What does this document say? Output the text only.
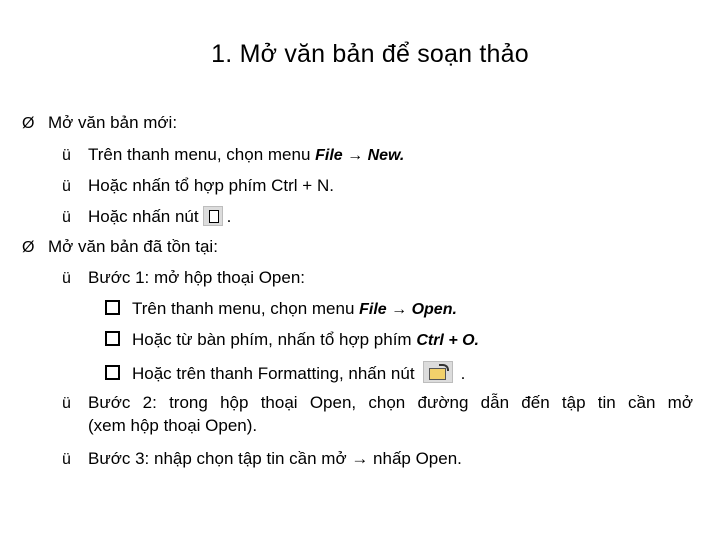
1. Mở văn bản để soạn thảo
Ø Mở văn bản mới:
ü Trên thanh menu, chọn menu File → New.
ü Hoặc nhấn tổ hợp phím Ctrl + N.
ü Hoặc nhấn nút .
Ø Mở văn bản đã tồn tại:
ü Bước 1: mở hộp thoại Open:
Trên thanh menu, chọn menu File → Open.
Hoặc từ bàn phím, nhấn tổ hợp phím Ctrl + O.
Hoặc trên thanh Formatting, nhấn nút	.
ü Bước 2: trong hộp thoại Open, chọn đường dẫn đến tập tin cần mở
(xem hộp thoại Open).
ü Bước 3: nhập chọn tập tin cần mở → nhấp Open.
